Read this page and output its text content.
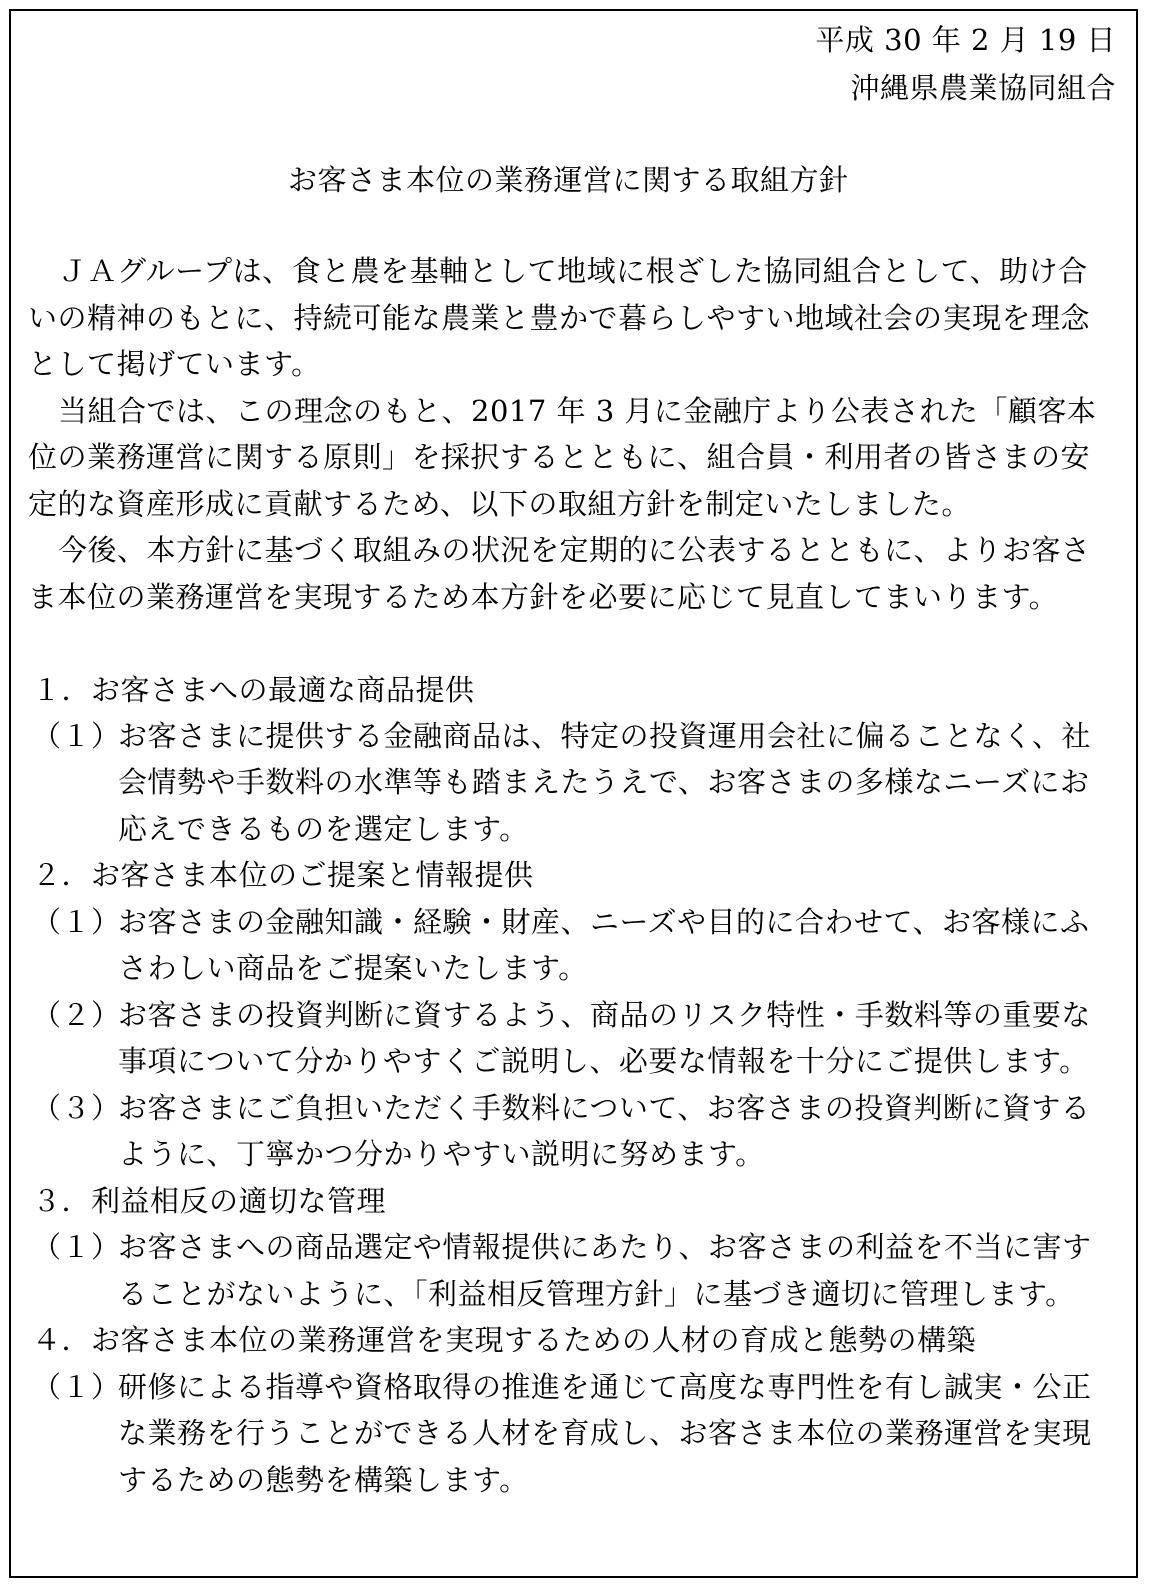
平成 30 年 2 月 19 日
沖縄県農業協同組合
お客さま本位の業務運営に関する取組方針
ＪＡグループは、食と農を基軸として地域に根ざした協同組合として、助け合
いの精神のもとに、持続可能な農業と豊かで暮らしやすい地域社会の実現を理念
として掲げています。
当組合では、この理念のもと、2017 年 3 月に金融庁より公表された「顧客本
位の業務運営に関する原則」を採択するとともに、組合員・利用者の皆さまの安
定的な資産形成に貢献するため、以下の取組方針を制定いたしました。
今後、本方針に基づく取組みの状況を定期的に公表するとともに、よりお客さ
ま本位の業務運営を実現するため本方針を必要に応じて見直してまいります。
１．お客さまへの最適な商品提供
（１）
お客さまに提供する金融商品は、特定の投資運用会社に偏ることなく、社
会情勢や手数料の水準等も踏まえたうえで、お客さまの多様なニーズにお
応えできるものを選定します。
２．お客さま本位のご提案と情報提供
（１）
お客さまの金融知識・経験・財産、ニーズや目的に合わせて、お客様にふ
さわしい商品をご提案いたします。
（２）
お客さまの投資判断に資するよう、商品のリスク特性・手数料等の重要な
事項について分かりやすくご説明し、必要な情報を十分にご提供します。
（３）
お客さまにご負担いただく手数料について、お客さまの投資判断に資する
ように、丁寧かつ分かりやすい説明に努めます。
３．利益相反の適切な管理
（１）
お客さまへの商品選定や情報提供にあたり、お客さまの利益を不当に害す
ることがないように、「利益相反管理方針」に基づき適切に管理します。
４．お客さま本位の業務運営を実現するための人材の育成と態勢の構築
（１）
研修による指導や資格取得の推進を通じて高度な専門性を有し誠実・公正
な業務を行うことができる人材を育成し、お客さま本位の業務運営を実現
するための態勢を構築します。
